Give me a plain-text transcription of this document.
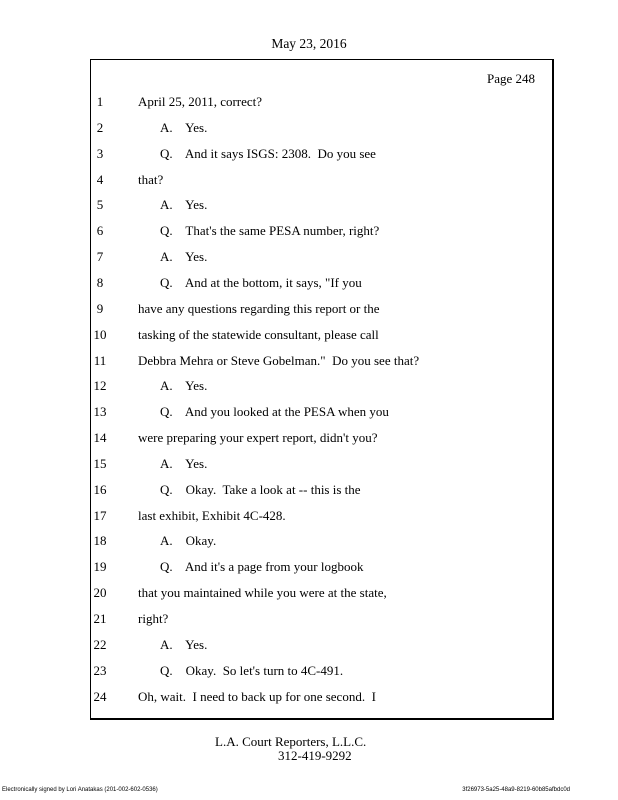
May 23, 2016
Page 248
1	April 25, 2011, correct?
2	A.    Yes.
3	Q.    And it says ISGS: 2308.  Do you see
4	that?
5	A.    Yes.
6	Q.    That's the same PESA number, right?
7	A.    Yes.
8	Q.    And at the bottom, it says, "If you
9	have any questions regarding this report or the
10	tasking of the statewide consultant, please call
11	Debbra Mehra or Steve Gobelman."  Do you see that?
12	A.    Yes.
13	Q.    And you looked at the PESA when you
14	were preparing your expert report, didn't you?
15	A.    Yes.
16	Q.    Okay.  Take a look at -- this is the
17	last exhibit, Exhibit 4C-428.
18	A.    Okay.
19	Q.    And it's a page from your logbook
20	that you maintained while you were at the state,
21	right?
22	A.    Yes.
23	Q.    Okay.  So let's turn to 4C-491.
24	Oh, wait.  I need to back up for one second.  I
L.A. Court Reporters, L.L.C.
312-419-9292
Electronically signed by Lori Anatakas (201-002-602-0536)	3f26973-5a25-48a9-8219-60b85afbdc0d
